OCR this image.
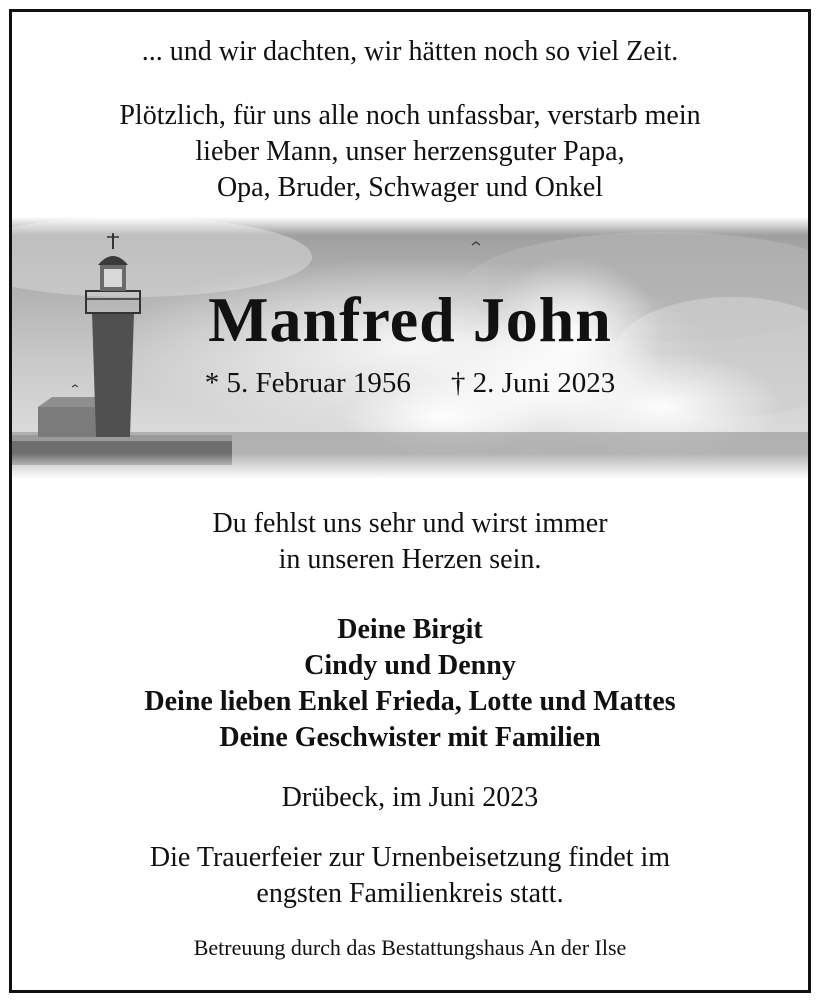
... und wir dachten, wir hätten noch so viel Zeit.
Plötzlich, für uns alle noch unfassbar, verstarb mein
lieber Mann, unser herzensguter Papa,
Opa, Bruder, Schwager und Onkel
Manfred John
* 5. Februar 1956 † 2. Juni 2023
Du fehlst uns sehr und wirst immer
in unseren Herzen sein.
Deine Birgit
Cindy und Denny
Deine lieben Enkel Frieda, Lotte und Mattes
Deine Geschwister mit Familien
Drübeck, im Juni 2023
Die Trauerfeier zur Urnenbeisetzung findet im
engsten Familienkreis statt.
Betreuung durch das Bestattungshaus An der Ilse
